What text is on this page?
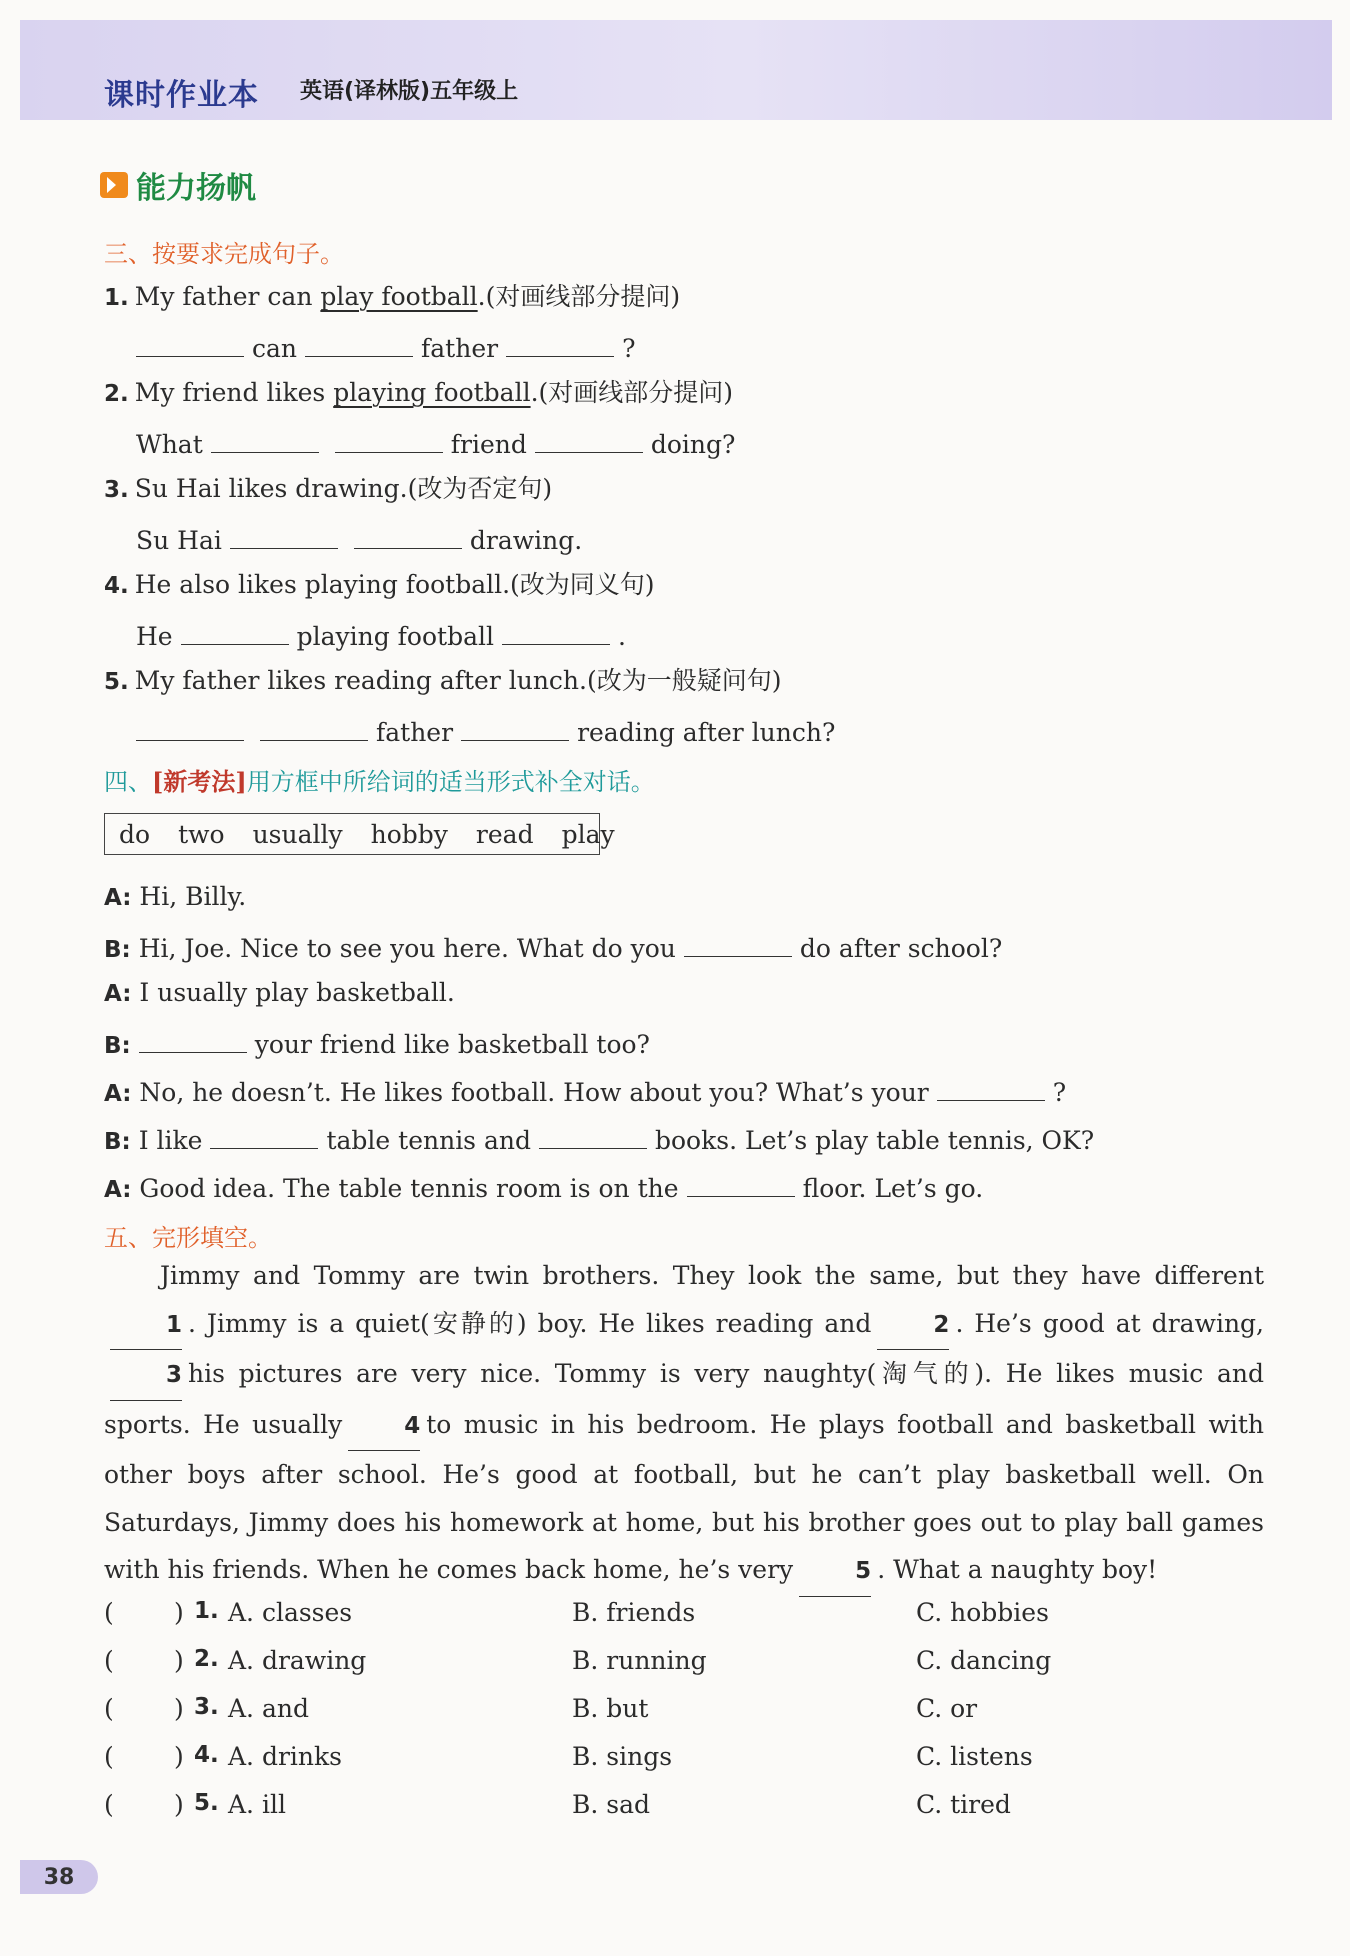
课时作业本 英语(译林版)五年级上
能力扬帆
三、按要求完成句子。
1. My father can play football.(对画线部分提问)
can	father	?
2. My friend likes playing football.(对画线部分提问)
What	friend	doing?
3. Su Hai likes drawing.(改为否定句)
Su Hai	drawing.
4. He also likes playing football.(改为同义句)
He	playing football	.
5. My father likes reading after lunch.(改为一般疑问句)
father	reading after lunch?
四、[新考法]用方框中所给词的适当形式补全对话。
do two usually hobby read play
A: Hi, Billy.
B: Hi, Joe. Nice to see you here. What do you	do after school?
A: I usually play basketball.
B:	your friend like basketball too?
A: No, he doesn’t. He likes football. How about you? What’s your	?
B: I like	table tennis and	books. Let’s play table tennis, OK?
A: Good idea. The table tennis room is on the	floor. Let’s go.
五、完形填空。

Jimmy and Tommy are twin brothers. They look the same, but they have different1 . Jimmy is a quiet(安静的) boy. He likes reading and	2 . He’s good at drawing,3 his pictures are very nice. Tommy is very naughty(淘气的). He likes music and sports. He usually	4 to music in his bedroom. He plays football and basketball with other boys after school. He’s good at football, but he can’t play basketball well. On Saturdays, Jimmy does his homework at home, but his brother goes out to play ball games with his friends. When he comes back home, he’s very	5 . What a naughty boy!

( ) 1. A. classes	B. friends	C. hobbies
( ) 2. A. drawing	B. running	C. dancing
( ) 3. A. and	B. but	C. or
( ) 4. A. drinks	B. sings	C. listens
( ) 5. A. ill	B. sad	C. tired
38
